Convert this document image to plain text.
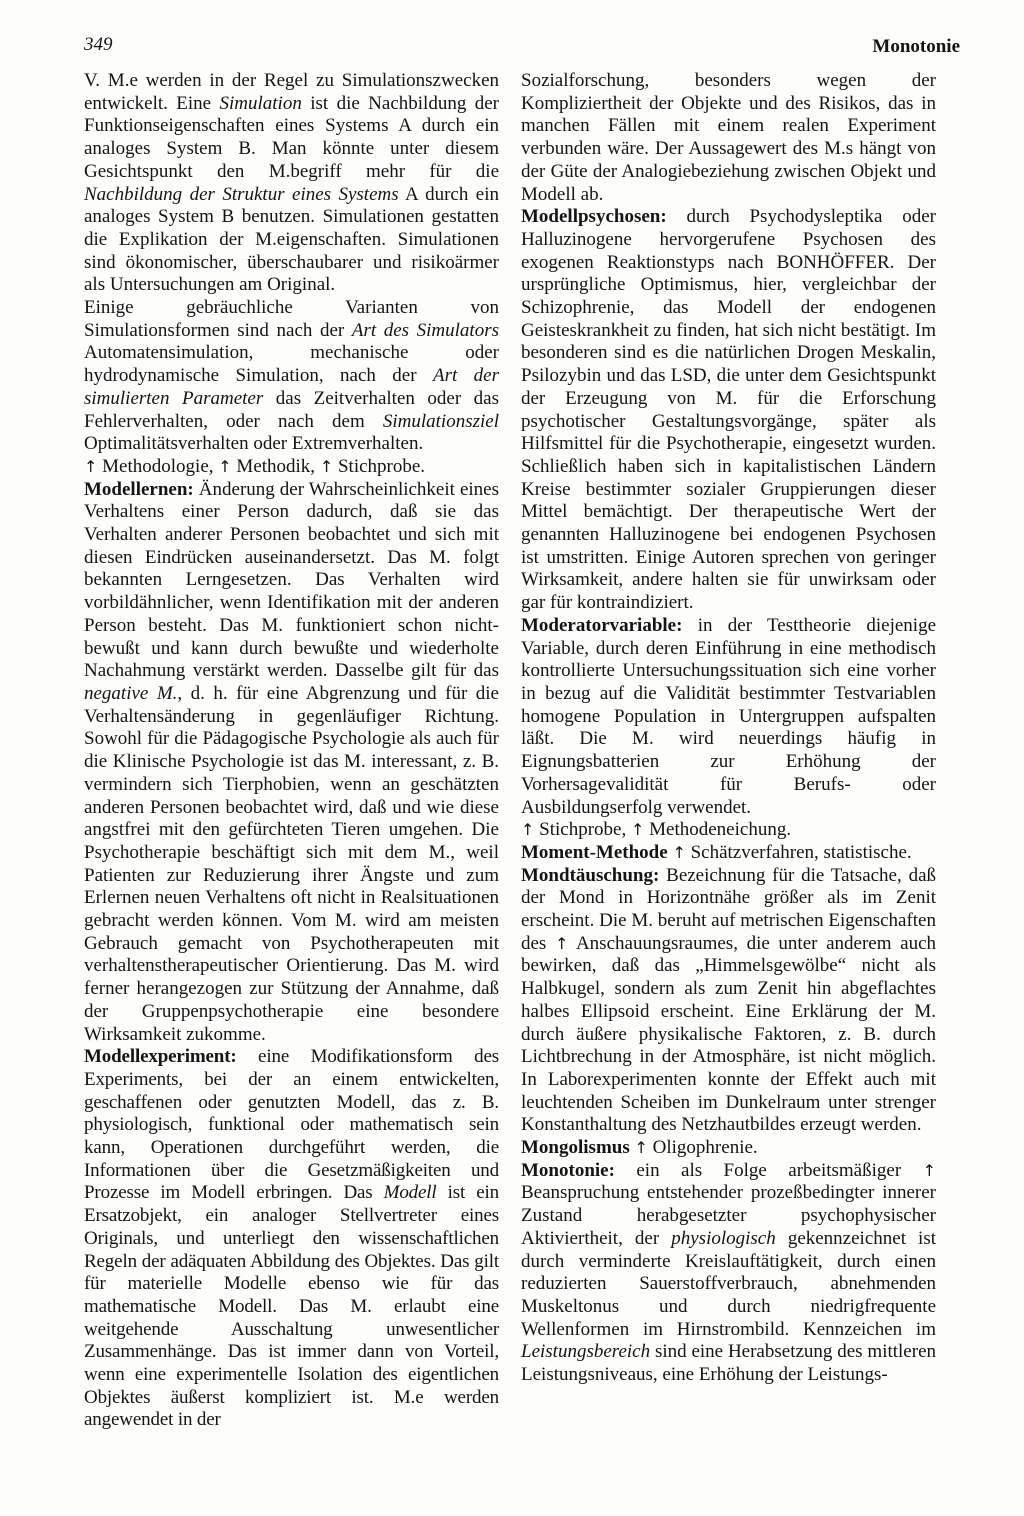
349	Monotonie

V. M.e werden in der Regel zu Simulationszwecken entwickelt. Eine Simulation ist die Nachbildung der Funktionseigenschaften eines Systems A durch ein analoges System B. Man könnte unter diesem Gesichtspunkt den M.begriff mehr für die Nachbildung der Struktur eines Systems A durch ein analoges System B benutzen. Simulationen gestatten die Explikation der M.eigenschaften. Simulationen sind ökonomischer, überschaubarer und risikoärmer als Untersuchungen am Original.

Einige gebräuchliche Varianten von Simulationsformen sind nach der Art des Simulators Automatensimulation, mechanische oder hydrodynamische Simulation, nach der Art der simulierten Parameter das Zeitverhalten oder das Fehlerverhalten, oder nach dem Simulationsziel Optimalitätsverhalten oder Extremverhalten.

↑ Methodologie, ↑ Methodik, ↑ Stichprobe.

Modellernen: Änderung der Wahrscheinlichkeit eines Verhaltens einer Person dadurch, daß sie das Verhalten anderer Personen beobachtet und sich mit diesen Eindrücken auseinandersetzt. Das M. folgt bekannten Lerngesetzen. Das Verhalten wird vorbildähnlicher, wenn Identifikation mit der anderen Person besteht. Das M. funktioniert schon nicht-bewußt und kann durch bewußte und wiederholte Nachahmung verstärkt werden. Dasselbe gilt für das negative M., d. h. für eine Abgrenzung und für die Verhaltensänderung in gegenläufiger Richtung. Sowohl für die Pädagogische Psychologie als auch für die Klinische Psychologie ist das M. interessant, z. B. vermindern sich Tierphobien, wenn an geschätzten anderen Personen beobachtet wird, daß und wie diese angstfrei mit den gefürchteten Tieren umgehen. Die Psychotherapie beschäftigt sich mit dem M., weil Patienten zur Reduzierung ihrer Ängste und zum Erlernen neuen Verhaltens oft nicht in Realsituationen gebracht werden können. Vom M. wird am meisten Gebrauch gemacht von Psychotherapeuten mit verhaltenstherapeutischer Orientierung. Das M. wird ferner herangezogen zur Stützung der Annahme, daß der Gruppenpsychotherapie eine besondere Wirksamkeit zukomme.

Modellexperiment: eine Modifikationsform des Experiments, bei der an einem entwickelten, geschaffenen oder genutzten Modell, das z. B. physiologisch, funktional oder mathematisch sein kann, Operationen durchgeführt werden, die Informationen über die Gesetzmäßigkeiten und Prozesse im Modell erbringen. Das Modell ist ein Ersatzobjekt, ein analoger Stellvertreter eines Originals, und unterliegt den wissenschaftlichen Regeln der adäquaten Abbildung des Objektes. Das gilt für materielle Modelle ebenso wie für das mathematische Modell. Das M. erlaubt eine weitgehende Ausschaltung unwesentlicher Zusammenhänge. Das ist immer dann von Vorteil, wenn eine experimentelle Isolation des eigentlichen Objektes äußerst kompliziert ist. M.e werden angewendet in der

Sozialforschung, besonders wegen der Kompliziertheit der Objekte und des Risikos, das in manchen Fällen mit einem realen Experiment verbunden wäre. Der Aussagewert des M.s hängt von der Güte der Analogiebeziehung zwischen Objekt und Modell ab.

Modellpsychosen: durch Psychodysleptika oder Halluzinogene hervorgerufene Psychosen des exogenen Reaktionstyps nach BONHÖFFER. Der ursprüngliche Optimismus, hier, vergleichbar der Schizophrenie, das Modell der endogenen Geisteskrankheit zu finden, hat sich nicht bestätigt. Im besonderen sind es die natürlichen Drogen Meskalin, Psilozybin und das LSD, die unter dem Gesichtspunkt der Erzeugung von M. für die Erforschung psychotischer Gestaltungsvorgänge, später als Hilfsmittel für die Psychotherapie, eingesetzt wurden. Schließlich haben sich in kapitalistischen Ländern Kreise bestimmter sozialer Gruppierungen dieser Mittel bemächtigt. Der therapeutische Wert der genannten Halluzinogene bei endogenen Psychosen ist umstritten. Einige Autoren sprechen von geringer Wirksamkeit, andere halten sie für unwirksam oder gar für kontraindiziert.

Moderatorvariable: in der Testtheorie diejenige Variable, durch deren Einführung in eine methodisch kontrollierte Untersuchungssituation sich eine vorher in bezug auf die Validität bestimmter Testvariablen homogene Population in Untergruppen aufspalten läßt. Die M. wird neuerdings häufig in Eignungsbatterien zur Erhöhung der Vorhersagevalidität für Berufs- oder Ausbildungserfolg verwendet.

↑ Stichprobe, ↑ Methodeneichung.

Moment-Methode ↑ Schätzverfahren, statistische.

Mondtäuschung: Bezeichnung für die Tatsache, daß der Mond in Horizontnähe größer als im Zenit erscheint. Die M. beruht auf metrischen Eigenschaften des ↑ Anschauungsraumes, die unter anderem auch bewirken, daß das „Himmelsgewölbe“ nicht als Halbkugel, sondern als zum Zenit hin abgeflachtes halbes Ellipsoid erscheint. Eine Erklärung der M. durch äußere physikalische Faktoren, z. B. durch Lichtbrechung in der Atmosphäre, ist nicht möglich. In Laborexperimenten konnte der Effekt auch mit leuchtenden Scheiben im Dunkelraum unter strenger Konstanthaltung des Netzhautbildes erzeugt werden.

Mongolismus ↑ Oligophrenie.

Monotonie: ein als Folge arbeitsmäßiger ↑ Beanspruchung entstehender prozeßbedingter innerer Zustand herabgesetzter psychophysischer Aktiviertheit, der physiologisch gekennzeichnet ist durch verminderte Kreislauftätigkeit, durch einen reduzierten Sauerstoffverbrauch, abnehmenden Muskeltonus und durch niedrigfrequente Wellenformen im Hirnstrombild. Kennzeichen im Leistungsbereich sind eine Herabsetzung des mittleren Leistungsniveaus, eine Erhöhung der Leistungs-
